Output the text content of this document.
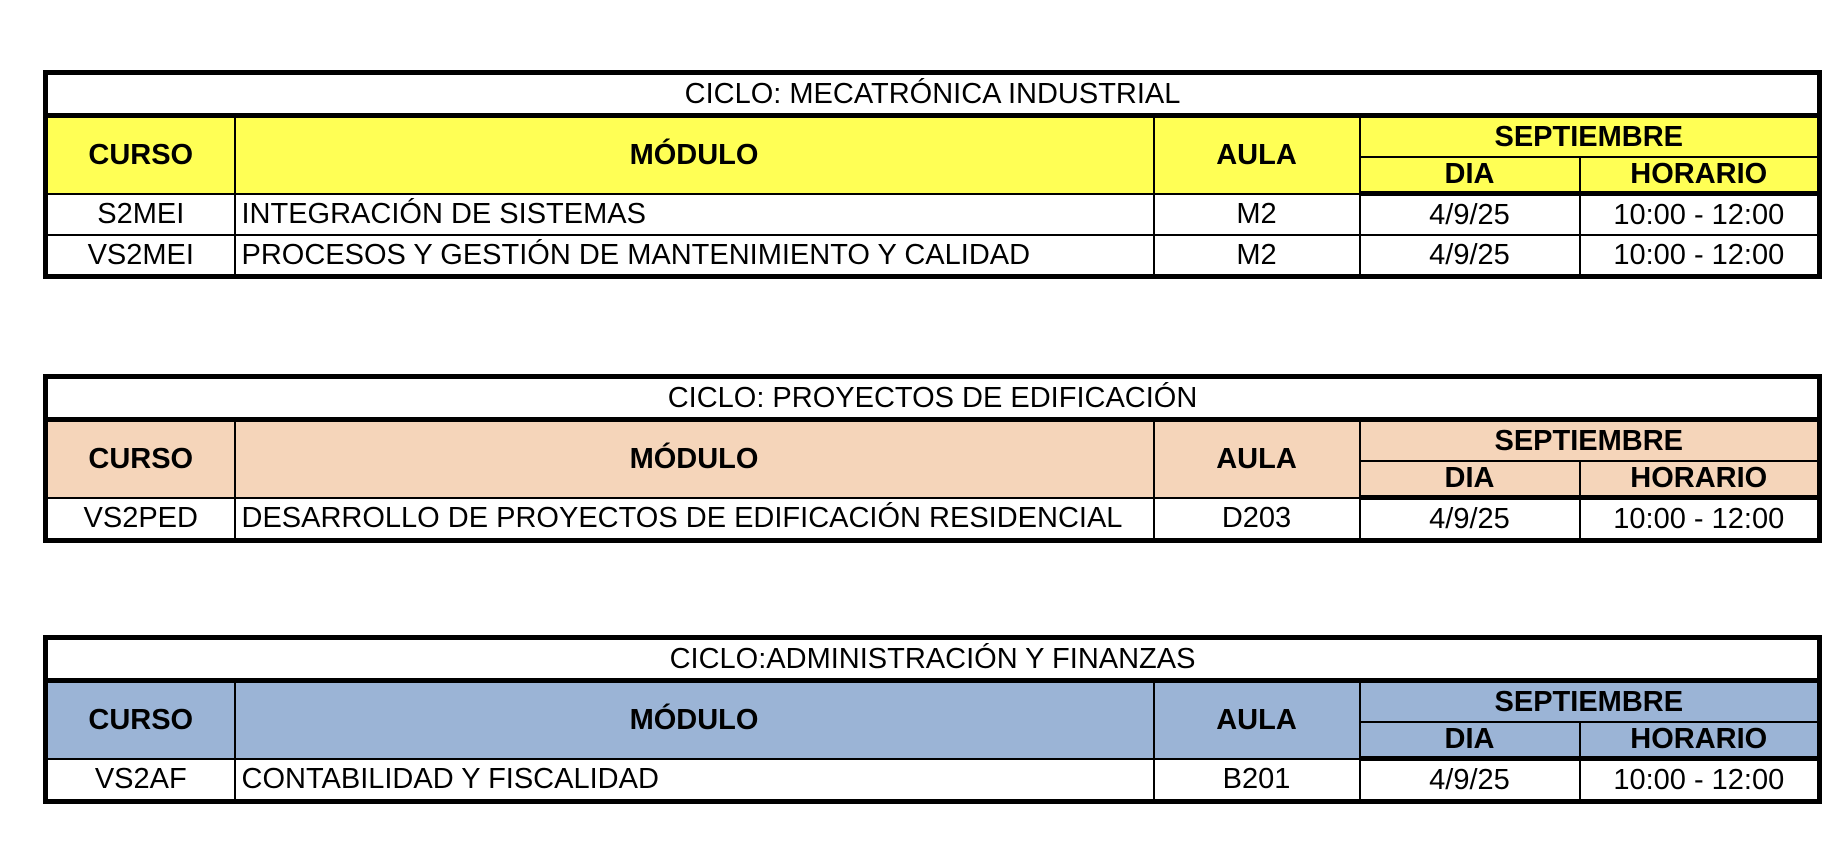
CICLO: MECATRÓNICA INDUSTRIAL				
CURSO	MÓDULO	AULA	SEPTIEMBRE	
			DIA	HORARIO
S2MEI	INTEGRACIÓN DE SISTEMAS	M2	4/9/25	10:00 - 12:00
VS2MEI	PROCESOS Y GESTIÓN DE MANTENIMIENTO Y CALIDAD	M2	4/9/25	10:00 - 12:00
CICLO: PROYECTOS DE EDIFICACIÓN				
CURSO	MÓDULO	AULA	SEPTIEMBRE	
			DIA	HORARIO
VS2PED	DESARROLLO DE PROYECTOS DE EDIFICACIÓN RESIDENCIAL	D203	4/9/25	10:00 - 12:00
CICLO:ADMINISTRACIÓN Y FINANZAS				
CURSO	MÓDULO	AULA	SEPTIEMBRE	
			DIA	HORARIO
VS2AF	CONTABILIDAD Y FISCALIDAD	B201	4/9/25	10:00 - 12:00
